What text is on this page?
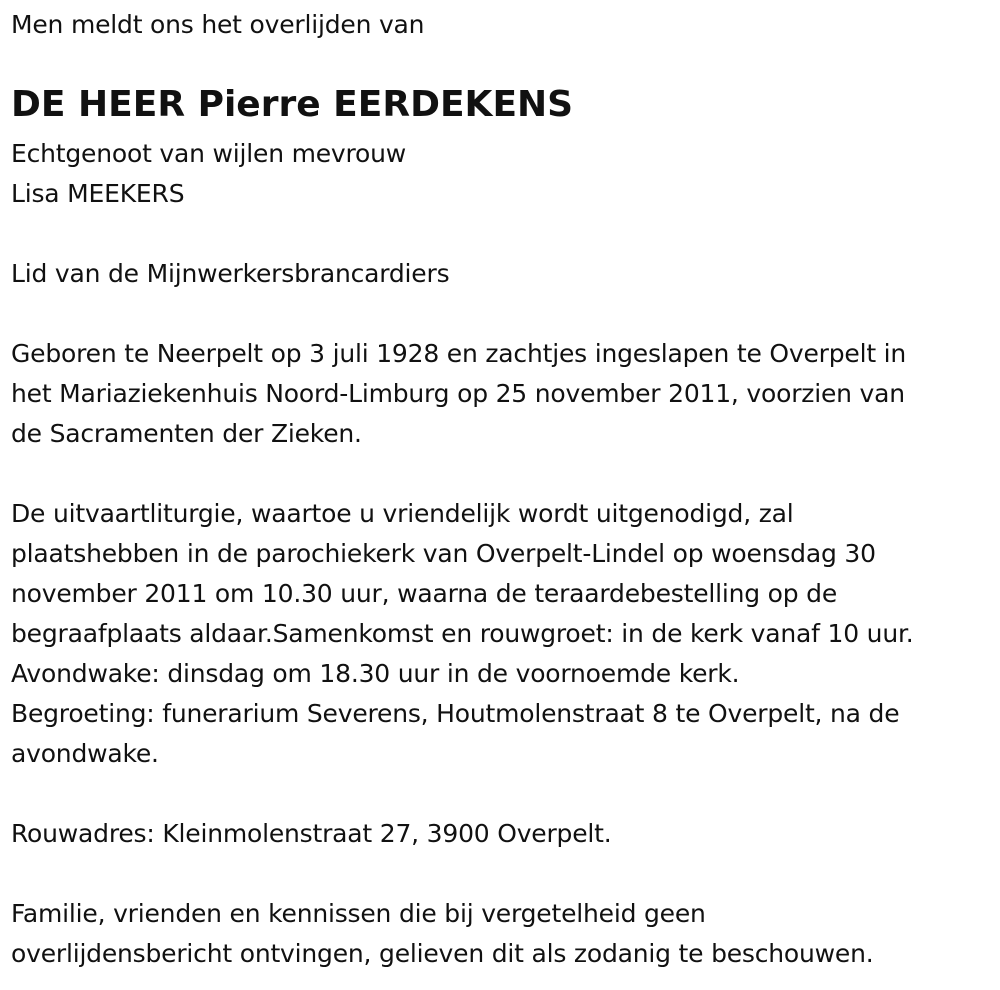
Men meldt ons het overlijden van
DE HEER Pierre EERDEKENS
Echtgenoot van wijlen mevrouw
Lisa MEEKERS
Lid van de Mijnwerkersbrancardiers
Geboren te Neerpelt op 3 juli 1928 en zachtjes ingeslapen te Overpelt in
het Mariaziekenhuis Noord-Limburg op 25 november 2011, voorzien van
de Sacramenten der Zieken.
De uitvaartliturgie, waartoe u vriendelijk wordt uitgenodigd, zal
plaatshebben in de parochiekerk van Overpelt-Lindel op woensdag 30
november 2011 om 10.30 uur, waarna de teraardebestelling op de
begraafplaats aldaar.Samenkomst en rouwgroet: in de kerk vanaf 10 uur.
Avondwake: dinsdag om 18.30 uur in de voornoemde kerk.
Begroeting: funerarium Severens, Houtmolenstraat 8 te Overpelt, na de
avondwake.
Rouwadres: Kleinmolenstraat 27, 3900 Overpelt.
Familie, vrienden en kennissen die bij vergetelheid geen
overlijdensbericht ontvingen, gelieven dit als zodanig te beschouwen.
